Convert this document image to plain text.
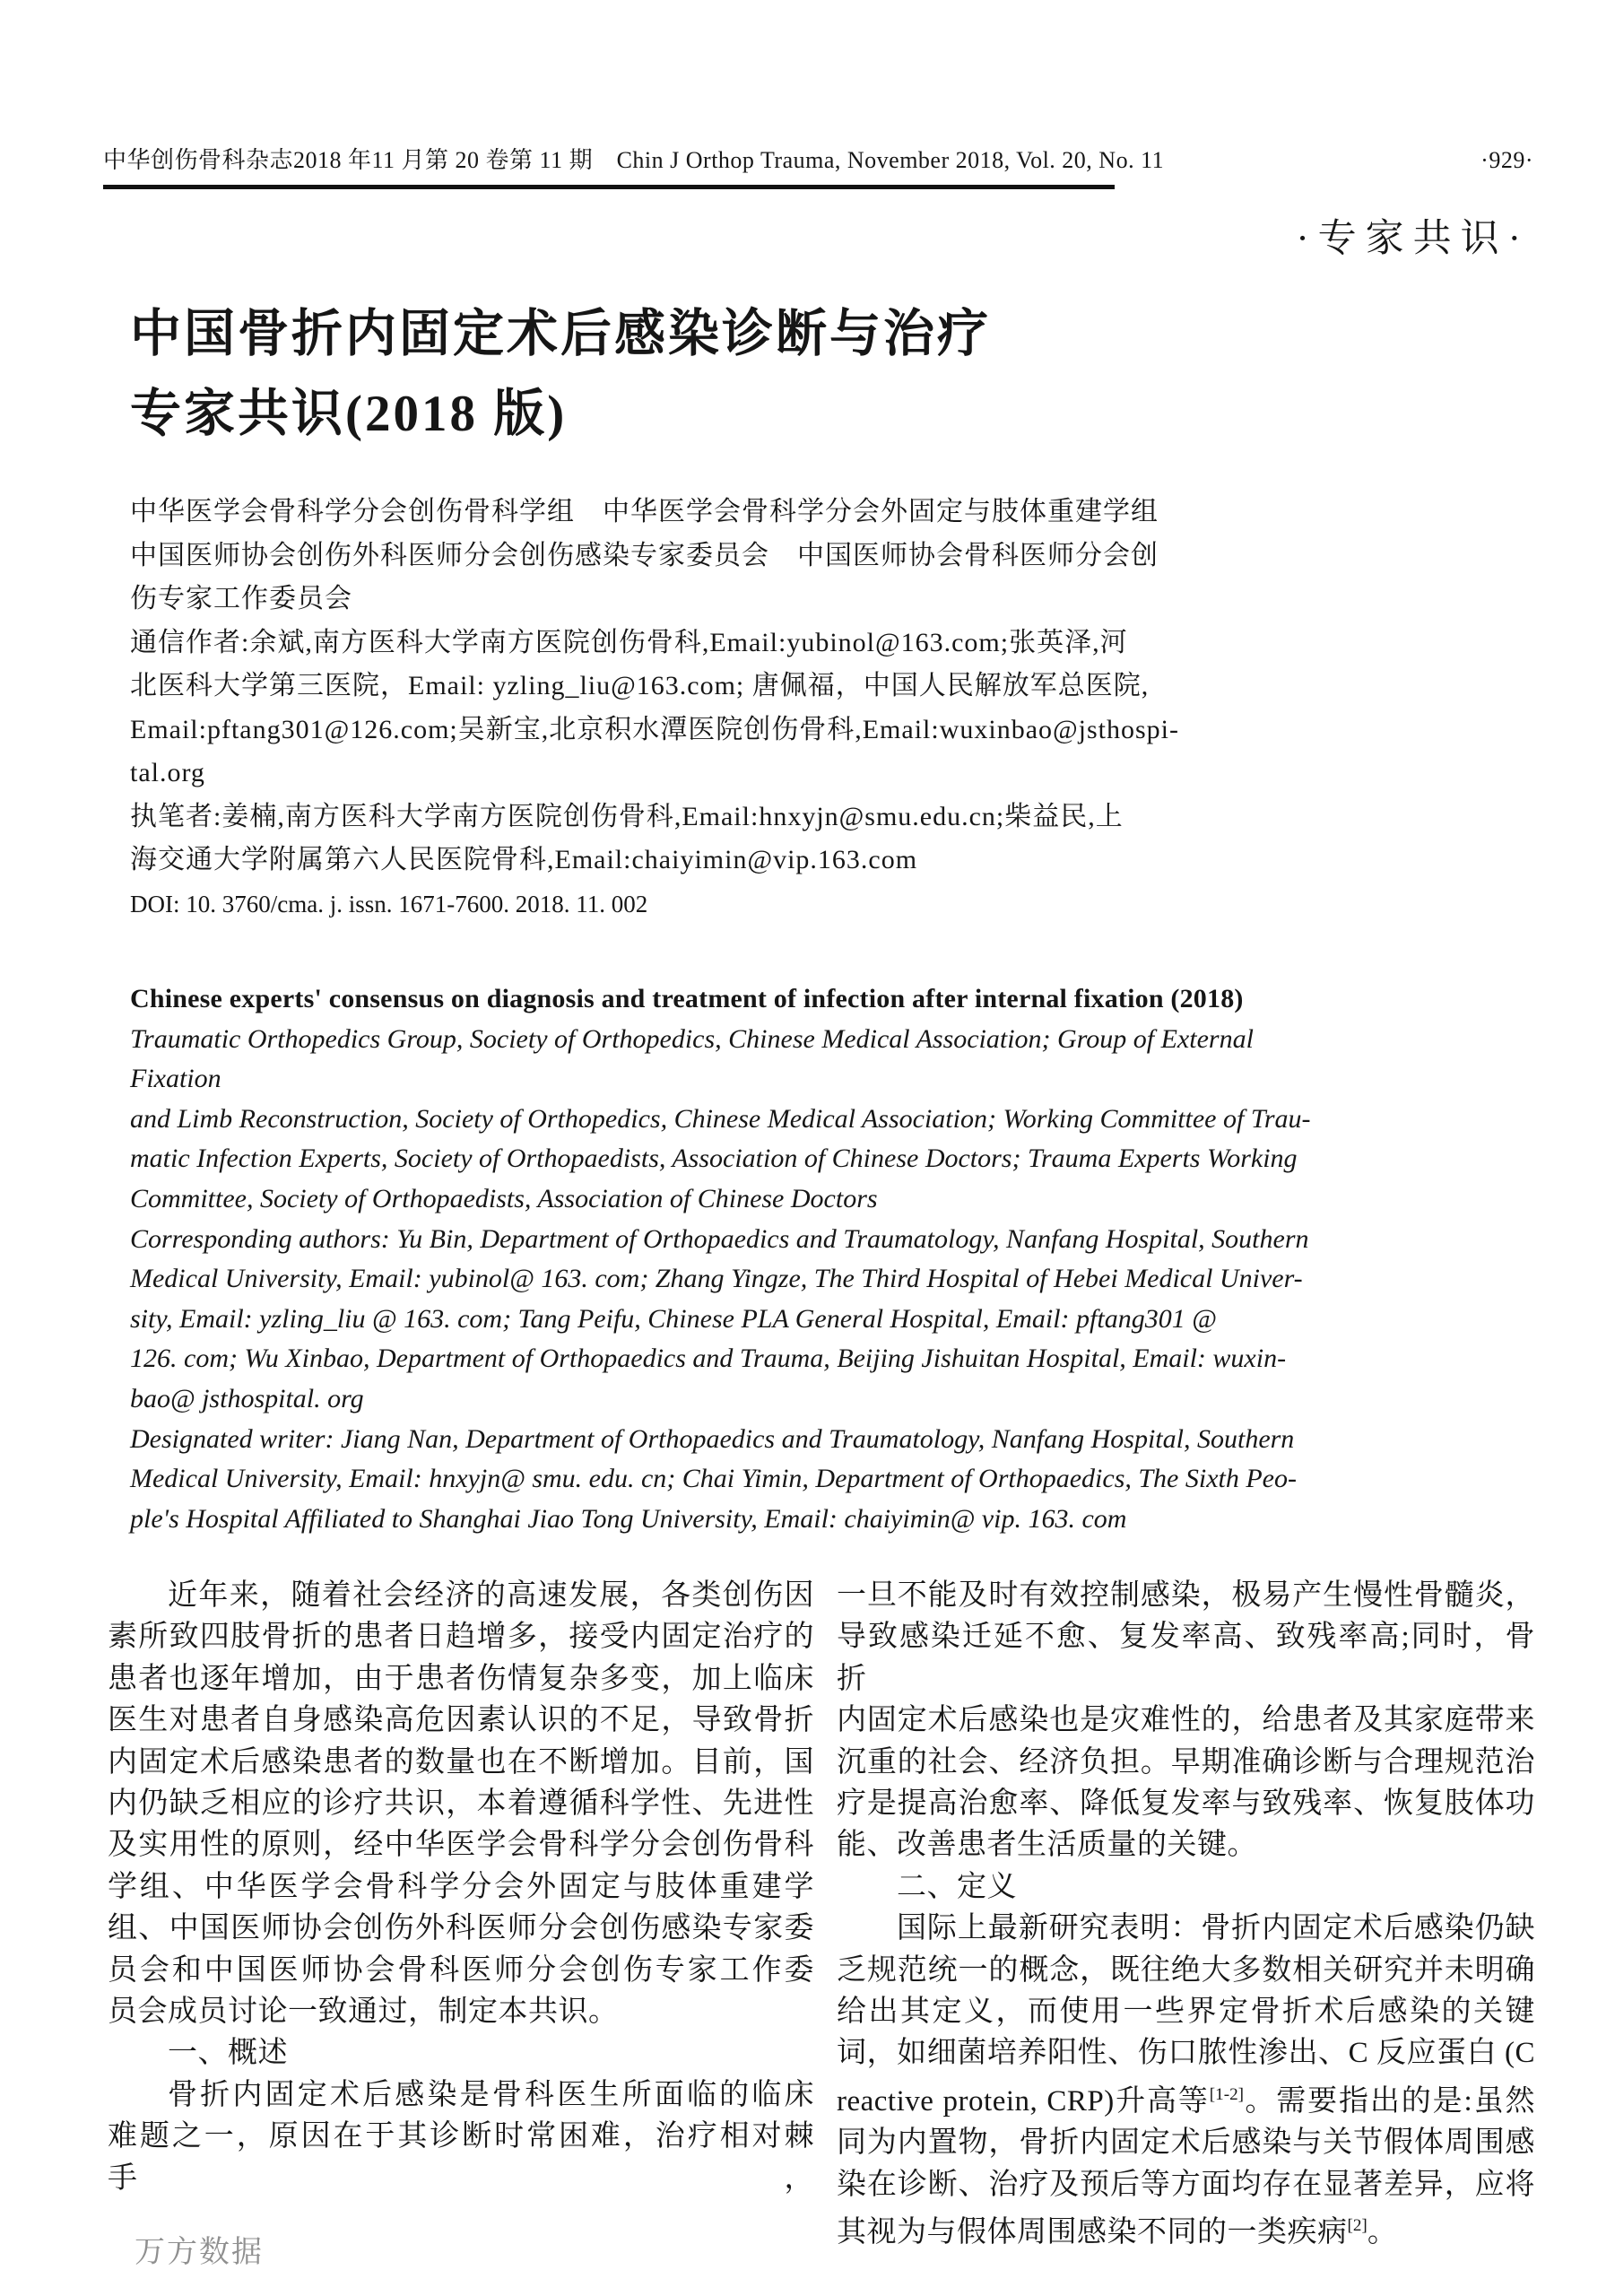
中华创伤骨科杂志2018 年11 月第 20 卷第 11 期　Chin J Orthop Trauma, November 2018, Vol. 20, No. 11	·929·
·专家共识·
中国骨折内固定术后感染诊断与治疗
专家共识(2018 版)
中华医学会骨科学分会创伤骨科学组　中华医学会骨科学分会外固定与肢体重建学组
中国医师协会创伤外科医师分会创伤感染专家委员会　中国医师协会骨科医师分会创
伤专家工作委员会
通信作者:余斌,南方医科大学南方医院创伤骨科,Email:yubinol@163.com;张英泽,河
北医科大学第三医院，Email: yzling_liu@163.com; 唐佩福，中国人民解放军总医院,
Email:pftang301@126.com;吴新宝,北京积水潭医院创伤骨科,Email:wuxinbao@jsthospi-
tal.org
执笔者:姜楠,南方医科大学南方医院创伤骨科,Email:hnxyjn@smu.edu.cn;柴益民,上
海交通大学附属第六人民医院骨科,Email:chaiyimin@vip.163.com
DOI: 10. 3760/cma. j. issn. 1671-7600. 2018. 11. 002
Chinese experts' consensus on diagnosis and treatment of infection after internal fixation (2018)
Traumatic Orthopedics Group, Society of Orthopedics, Chinese Medical Association; Group of External Fixation
and Limb Reconstruction, Society of Orthopedics, Chinese Medical Association; Working Committee of Trau-
matic Infection Experts, Society of Orthopaedists, Association of Chinese Doctors; Trauma Experts Working
Committee, Society of Orthopaedists, Association of Chinese Doctors
Corresponding authors: Yu Bin, Department of Orthopaedics and Traumatology, Nanfang Hospital, Southern
Medical University, Email: yubinol@ 163. com; Zhang Yingze, The Third Hospital of Hebei Medical Univer-
sity, Email: yzling_liu @ 163. com; Tang Peifu, Chinese PLA General Hospital, Email: pftang301 @
126. com; Wu Xinbao, Department of Orthopaedics and Trauma, Beijing Jishuitan Hospital, Email: wuxin-
bao@ jsthospital. org
Designated writer: Jiang Nan, Department of Orthopaedics and Traumatology, Nanfang Hospital, Southern
Medical University, Email: hnxyjn@ smu. edu. cn; Chai Yimin, Department of Orthopaedics, The Sixth Peo-
ple's Hospital Affiliated to Shanghai Jiao Tong University, Email: chaiyimin@ vip. 163. com
近年来，随着社会经济的高速发展，各类创伤因
素所致四肢骨折的患者日趋增多，接受内固定治疗的
患者也逐年增加，由于患者伤情复杂多变，加上临床
医生对患者自身感染高危因素认识的不足，导致骨折
内固定术后感染患者的数量也在不断增加。目前，国
内仍缺乏相应的诊疗共识，本着遵循科学性、先进性
及实用性的原则，经中华医学会骨科学分会创伤骨科
学组、中华医学会骨科学分会外固定与肢体重建学
组、中国医师协会创伤外科医师分会创伤感染专家委
员会和中国医师协会骨科医师分会创伤专家工作委
员会成员讨论一致通过，制定本共识。
一、概述
骨折内固定术后感染是骨科医生所面临的临床
难题之一，原因在于其诊断时常困难，治疗相对棘手，
一旦不能及时有效控制感染，极易产生慢性骨髓炎，
导致感染迁延不愈、复发率高、致残率高;同时，骨折
内固定术后感染也是灾难性的，给患者及其家庭带来
沉重的社会、经济负担。早期准确诊断与合理规范治
疗是提高治愈率、降低复发率与致残率、恢复肢体功
能、改善患者生活质量的关键。
二、定义
国际上最新研究表明：骨折内固定术后感染仍缺
乏规范统一的概念，既往绝大多数相关研究并未明确
给出其定义，而使用一些界定骨折术后感染的关键
词，如细菌培养阳性、伤口脓性渗出、C 反应蛋白 (C
reactive protein, CRP)升高等[1-2]。需要指出的是:虽然
同为内置物，骨折内固定术后感染与关节假体周围感
染在诊断、治疗及预后等方面均存在显著差异，应将
其视为与假体周围感染不同的一类疾病[2]。
万方数据
